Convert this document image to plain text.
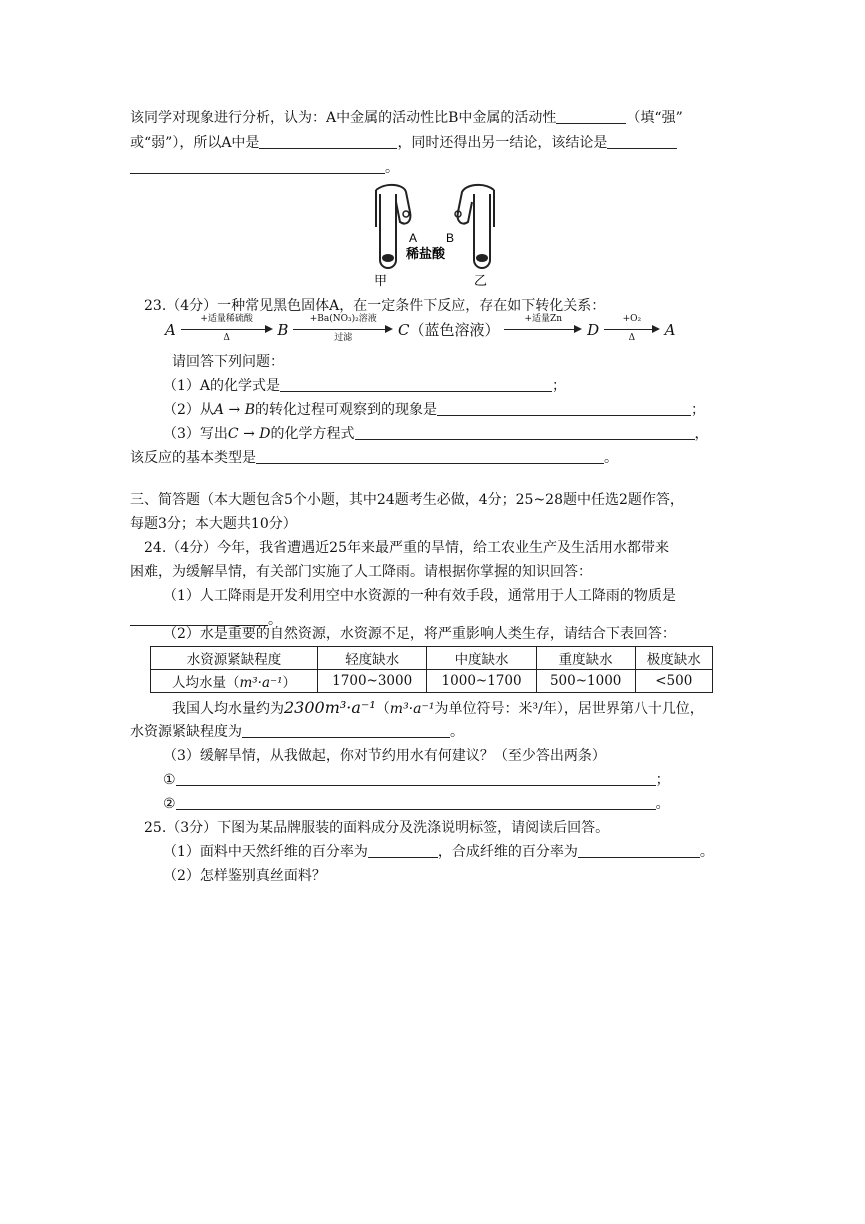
该同学对现象进行分析，认为：A中金属的活动性比B中金属的活动性	（填“强”
或“弱”），所以A中是	，同时还得出另一结论，该结论是
。
A B
稀盐酸
甲	乙
23.（4分）一种常见黑色固体A，在一定条件下反应，存在如下转化关系：
A
+适量稀硫酸
Δ	B
+Ba(NO₃)₂溶液
过滤	C（蓝色溶液）
+适量Zn
D $\frac{\text{+O₂}}{\Delta}$ A
请回答下列问题：
（1）A的化学式是	；
（2）从A → B的转化过程可观察到的现象是	；
（3）写出C → D的化学方程式	，
该反应的基本类型是	。
三、简答题（本大题包含5个小题，其中24题考生必做，4分；25~28题中任选2题作答，
每题3分；本大题共10分）
24.（4分）今年，我省遭遇近25年来最严重的旱情，给工农业生产及生活用水都带来
困难，为缓解旱情，有关部门实施了人工降雨。请根据你掌握的知识回答：
（1）人工降雨是开发利用空中水资源的一种有效手段，通常用于人工降雨的物质是
。
（2）水是重要的自然资源，水资源不足，将严重影响人类生存，请结合下表回答：
水资源紧缺程度	轻度缺水	中度缺水	重度缺水	极度缺水
人均水量（m³·a⁻¹）	1700~3000	1000~1700	500~1000	<500
我国人均水量约为2300m³·a⁻¹（m³·a⁻¹为单位符号：米³/年），居世界第八十几位，
水资源紧缺程度为	。
（3）缓解旱情，从我做起，你对节约用水有何建议？（至少答出两条）
①	；
②	。
25.（3分）下图为某品牌服装的面料成分及洗涤说明标签，请阅读后回答。
（1）面料中天然纤维的百分率为	，合成纤维的百分率为	。
（2）怎样鉴别真丝面料？
